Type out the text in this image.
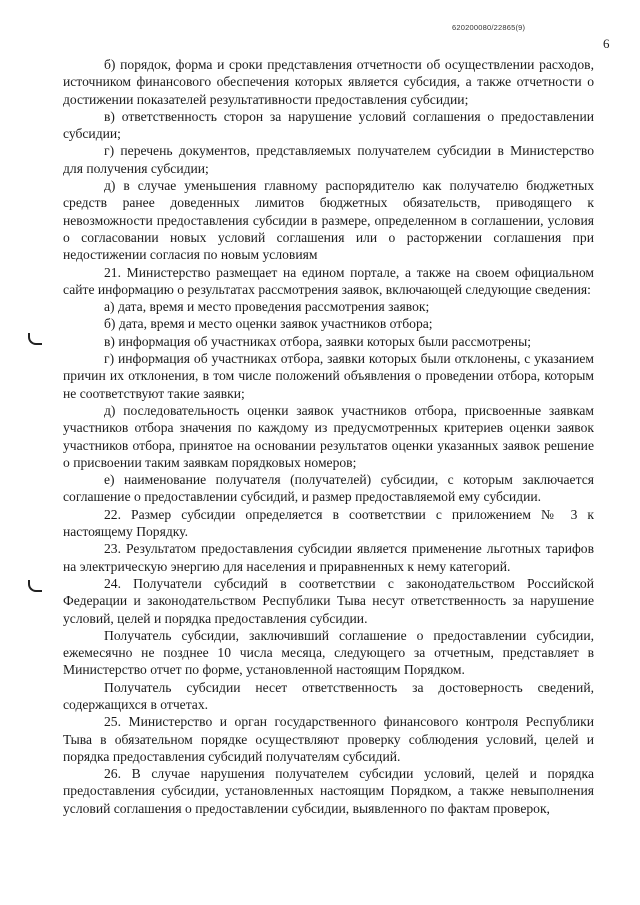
620200080/22865(9)
6

б) порядок, форма и сроки представления отчетности об осуществлении расходов, источником финансового обеспечения которых является субсидия, а также отчетности о достижении показателей результативности предоставления субсидии;

в) ответственность сторон за нарушение условий соглашения о предоставлении субсидии;

г) перечень документов, представляемых получателем субсидии в Министерство для получения субсидии;

д) в случае уменьшения главному распорядителю как получателю бюджетных средств ранее доведенных лимитов бюджетных обязательств, приводящего к невозможности предоставления субсидии в размере, определенном в соглашении, условия о согласовании новых условий соглашения или о расторжении соглашения при недостижении согласия по новым условиям

21. Министерство размещает на едином портале, а также на своем официальном сайте информацию о результатах рассмотрения заявок, включающей следующие сведения:

а) дата, время и место проведения рассмотрения заявок;

б) дата, время и место оценки заявок участников отбора;

в) информация об участниках отбора, заявки которых были рассмотрены;

г) информация об участниках отбора, заявки которых были отклонены, с указанием причин их отклонения, в том числе положений объявления о проведении отбора, которым не соответствуют такие заявки;

д) последовательность оценки заявок участников отбора, присвоенные заявкам участников отбора значения по каждому из предусмотренных критериев оценки заявок участников отбора, принятое на основании результатов оценки указанных заявок решение о присвоении таким заявкам порядковых номеров;

е) наименование получателя (получателей) субсидии, с которым заключается соглашение о предоставлении субсидий, и размер предоставляемой ему субсидии.

22. Размер субсидии определяется в соответствии с приложением № 3 к настоящему Порядку.

23. Результатом предоставления субсидии является применение льготных тарифов на электрическую энергию для населения и приравненных к нему категорий.

24. Получатели субсидий в соответствии с законодательством Российской Федерации и законодательством Республики Тыва несут ответственность за нарушение условий, целей и порядка предоставления субсидии.

Получатель субсидии, заключивший соглашение о предоставлении субсидии, ежемесячно не позднее 10 числа месяца, следующего за отчетным, представляет в Министерство отчет по форме, установленной настоящим Порядком.

Получатель субсидии несет ответственность за достоверность сведений, содержащихся в отчетах.

25. Министерство и орган государственного финансового контроля Республики Тыва в обязательном порядке осуществляют проверку соблюдения условий, целей и порядка предоставления субсидий получателям субсидий.

26. В случае нарушения получателем субсидии условий, целей и порядка предоставления субсидии, установленных настоящим Порядком, а также невыполнения условий соглашения о предоставлении субсидии, выявленного по фактам проверок,
